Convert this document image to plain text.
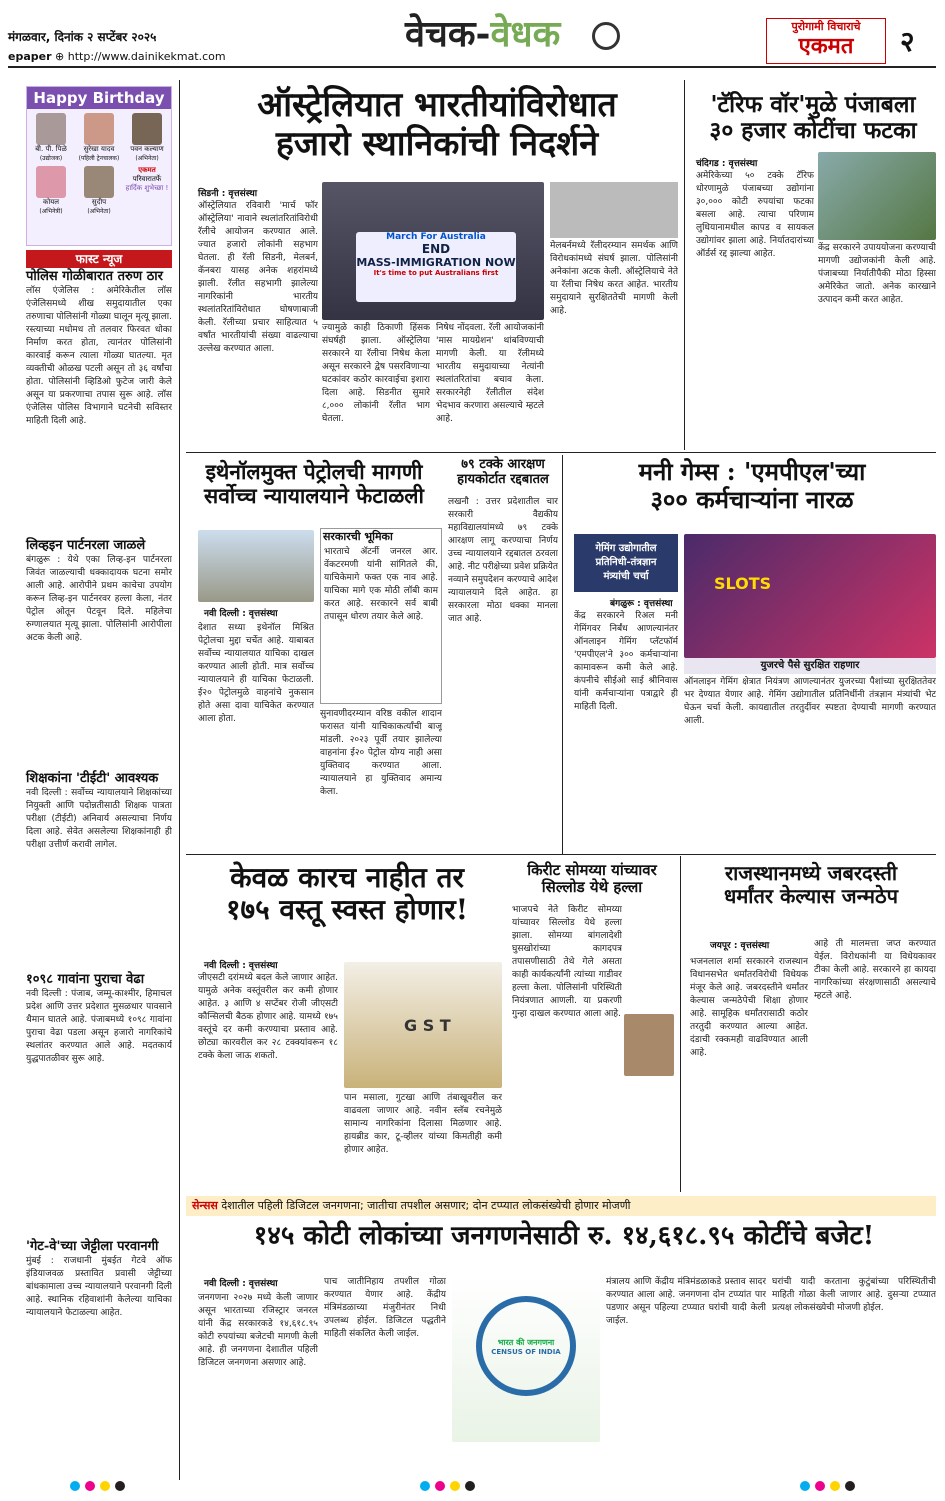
मंगळवार, दिनांक २ सप्टेंबर २०२५
epaper ⊕ http://www.dainikekmat.com
वेचक-वेधक	पुरोगामी विचाराचे
एकमत	२
Happy Birthday
बी. पी. पिळे
(उद्योजक)
सुरेखा यादव
(पहिली ट्रेनचालक)
पवन कल्याण
(अभिनेता)
कोयल
(अभिनेत्री)
सुदीप
(अभिनेता)
एकमत
परिवारातर्फे
हार्दिक शुभेच्छा !
फास्ट न्यूज
पोलिस गोळीबारात तरुण ठार
लॉस एंजेलिस : अमेरिकेतील लॉस एंजेलिसमध्ये शीख समुदायातील एका तरुणाचा पोलिसांनी गोळ्या घालून मृत्यू झाला. रस्त्याच्या मधोमध तो तलवार फिरवत धोका निर्माण करत होता, त्यानंतर पोलिसांनी कारवाई करून त्याला गोळ्या घातल्या. मृत व्यक्तीची ओळख पटली असून तो ३६ वर्षांचा होता. पोलिसांनी व्हिडिओ फुटेज जारी केले असून या प्रकरणाचा तपास सुरू आहे. लॉस एंजेलिस पोलिस विभागाने घटनेची सविस्तर माहिती दिली आहे.
लिव्हइन पार्टनरला जाळले
बंगळुरू : येथे एका लिव्ह-इन पार्टनरला जिवंत जाळल्याची धक्कादायक घटना समोर आली आहे. आरोपीने प्रथम काचेचा उपयोग करून लिव्ह-इन पार्टनरवर हल्ला केला, नंतर पेट्रोल ओतून पेटवून दिले. महिलेचा रुग्णालयात मृत्यू झाला. पोलिसांनी आरोपीला अटक केली आहे.
शिक्षकांना 'टीईटी' आवश्यक
नवी दिल्ली : सर्वोच्च न्यायालयाने शिक्षकांच्या नियुक्ती आणि पदोन्नतीसाठी शिक्षक पात्रता परीक्षा (टीईटी) अनिवार्य असल्याचा निर्णय दिला आहे. सेवेत असलेल्या शिक्षकांनाही ही परीक्षा उत्तीर्ण करावी लागेल.
१०९८ गावांना पुराचा वेढा
नवी दिल्ली : पंजाब, जम्मू-काश्मीर, हिमाचल प्रदेश आणि उत्तर प्रदेशात मुसळधार पावसाने थैमान घातले आहे. पंजाबमध्ये १०९८ गावांना पुराचा वेढा पडला असून हजारो नागरिकांचे स्थलांतर करण्यात आले आहे. मदतकार्य युद्धपातळीवर सुरू आहे.
'गेट-वे'च्या जेट्टीला परवानगी
मुंबई : राजधानी मुंबईत गेटवे ऑफ इंडियाजवळ प्रस्तावित प्रवासी जेट्टीच्या बांधकामाला उच्च न्यायालयाने परवानगी दिली आहे. स्थानिक रहिवाशांनी केलेल्या याचिका न्यायालयाने फेटाळल्या आहेत.
ऑस्ट्रेलियात भारतीयांविरोधात
हजारो स्थानिकांची निदर्शने
सिडनी : वृत्तसंस्था
March For Australia
END
MASS-IMMIGRATION NOW
It's time to put Australians first
ऑस्ट्रेलियात रविवारी 'मार्च फॉर ऑस्ट्रेलिया' नावाने स्थलांतरितांविरोधी रॅलीचे आयोजन करण्यात आले. ज्यात हजारो लोकांनी सहभाग घेतला. ही रॅली सिडनी, मेलबर्न, कॅनबरा यासह अनेक शहरांमध्ये झाली. रॅलीत सहभागी झालेल्या नागरिकांनी भारतीय स्थलांतरितांविरोधात घोषणाबाजी केली. रॅलीच्या प्रचार साहित्यात ५ वर्षांत भारतीयांची संख्या वाढल्याचा उल्लेख करण्यात आला.
ज्यामुळे काही ठिकाणी हिंसक संघर्षही झाला. ऑस्ट्रेलिया सरकारने या रॅलीचा निषेध केला असून सरकारने द्वेष पसरविणाऱ्या घटकांवर कठोर कारवाईचा इशारा दिला आहे. सिडनीत सुमारे ८,००० लोकांनी रॅलीत भाग घेतला.
निषेध नोंदवला. रॅली आयोजकांनी 'मास मायग्रेशन' थांबविण्याची मागणी केली. या रॅलीमध्ये भारतीय समुदायाच्या नेत्यांनी स्थलांतरितांचा बचाव केला. सरकारनेही रॅलीतील संदेश भेदभाव करणारा असल्याचे म्हटले आहे.
मेलबर्नमध्ये रॅलीदरम्यान समर्थक आणि विरोधकांमध्ये संघर्ष झाला. पोलिसांनी अनेकांना अटक केली. ऑस्ट्रेलियाचे नेते या रॅलीचा निषेध करत आहेत. भारतीय समुदायाने सुरक्षिततेची मागणी केली आहे.
'टॅरिफ वॉर'मुळे पंजाबला
३० हजार कोटींचा फटका
चंदिगड : वृत्तसंस्था
अमेरिकेच्या ५० टक्के टॅरिफ धोरणामुळे पंजाबच्या उद्योगांना ३०,००० कोटी रुपयांचा फटका बसला आहे. त्याचा परिणाम लुधियानामधील कापड व सायकल उद्योगांवर झाला आहे. निर्यातदारांच्या ऑर्डर्स रद्द झाल्या आहेत.
केंद्र सरकारने उपाययोजना करण्याची मागणी उद्योजकांनी केली आहे. पंजाबच्या निर्यातीपैकी मोठा हिस्सा अमेरिकेत जातो. अनेक कारखाने उत्पादन कमी करत आहेत.
इथेनॉलमुक्त पेट्रोलची मागणी
सर्वोच्च न्यायालयाने फेटाळली
नवी दिल्ली : वृत्तसंस्था
सरकारची भूमिका
भारताचे ॲटर्नी जनरल आर. वेंकटरमणी यांनी सांगितले की, याचिकेमागे फक्त एक नाव आहे. याचिका मागे एक मोठी लॉबी काम करत आहे. सरकारने सर्व बाबी तपासून धोरण तयार केले आहे.
देशात सध्या इथेनॉल मिश्रित पेट्रोलचा मुद्दा चर्चेत आहे. याबाबत सर्वोच्च न्यायालयात याचिका दाखल करण्यात आली होती. मात्र सर्वोच्च न्यायालयाने ही याचिका फेटाळली. ई२० पेट्रोलमुळे वाहनांचे नुकसान होते असा दावा याचिकेत करण्यात आला होता.	सुनावणीदरम्यान वरिष्ठ वकील शादान फरासत यांनी याचिकाकर्त्यांची बाजू मांडली. २०२३ पूर्वी तयार झालेल्या वाहनांना ई२० पेट्रोल योग्य नाही असा युक्तिवाद करण्यात आला. न्यायालयाने हा युक्तिवाद अमान्य केला.
७९ टक्के आरक्षण
हायकोर्टात रद्दबातल
लखनौ : उत्तर प्रदेशातील चार सरकारी वैद्यकीय महाविद्यालयांमध्ये ७९ टक्के आरक्षण लागू करण्याचा निर्णय उच्च न्यायालयाने रद्दबातल ठरवला आहे. नीट परीक्षेच्या प्रवेश प्रक्रियेत नव्याने समुपदेशन करण्याचे आदेश न्यायालयाने दिले आहेत. हा सरकारला मोठा धक्का मानला जात आहे.
मनी गेम्स : 'एमपीएल'च्या
३०० कर्मचाऱ्यांना नारळ
गेमिंग उद्योगातील
प्रतिनिधी-तंत्रज्ञान
मंत्र्यांची चर्चा
बंगळुरू : वृत्तसंस्था
केंद्र सरकारने रिअल मनी गेमिंगवर निर्बंध आणल्यानंतर ऑनलाइन गेमिंग प्लॅटफॉर्म 'एमपीएल'ने ३०० कर्मचाऱ्यांना कामावरून कमी केले आहे. कंपनीचे सीईओ साई श्रीनिवास यांनी कर्मचाऱ्यांना पत्राद्वारे ही माहिती दिली.
SLOTS
युजरचे पैसे सुरक्षित राहणार
ऑनलाइन गेमिंग क्षेत्रात नियंत्रण आणल्यानंतर युजरच्या पैशांच्या सुरक्षिततेवर भर देण्यात येणार आहे. गेमिंग उद्योगातील प्रतिनिधींनी तंत्रज्ञान मंत्र्यांची भेट घेऊन चर्चा केली. कायद्यातील तरतुदींवर स्पष्टता देण्याची मागणी करण्यात आली.
केवळ कारच नाहीत तर
१७५ वस्तू स्वस्त होणार!
नवी दिल्ली : वृत्तसंस्था
जीएसटी दरांमध्ये बदल केले जाणार आहेत. यामुळे अनेक वस्तूंवरील कर कमी होणार आहेत. ३ आणि ४ सप्टेंबर रोजी जीएसटी कौन्सिलची बैठक होणार आहे. यामध्ये १७५ वस्तूंचे दर कमी करण्याचा प्रस्ताव आहे. छोट्या कारवरील कर २८ टक्क्यांवरून १८ टक्के केला जाऊ शकतो.
G S T
पान मसाला, गुटखा आणि तंबाखूवरील कर वाढवला जाणार आहे. नवीन स्लॅब रचनेमुळे सामान्य नागरिकांना दिलासा मिळणार आहे. हायब्रीड कार, टू-व्हीलर यांच्या किमतीही कमी होणार आहेत.
किरीट सोमय्या यांच्यावर
सिल्लोड येथे हल्ला
भाजपचे नेते किरीट सोमय्या यांच्यावर सिल्लोड येथे हल्ला झाला. सोमय्या बांगलादेशी घुसखोरांच्या कागदपत्र तपासणीसाठी तेथे गेले असता काही कार्यकर्त्यांनी त्यांच्या गाडीवर हल्ला केला. पोलिसांनी परिस्थिती नियंत्रणात आणली. या प्रकरणी गुन्हा दाखल करण्यात आला आहे.
राजस्थानमध्ये जबरदस्ती
धर्मांतर केल्यास जन्मठेप
जयपूर : वृत्तसंस्था
भजनलाल शर्मा सरकारने राजस्थान विधानसभेत धर्मांतरविरोधी विधेयक मंजूर केले आहे. जबरदस्तीने धर्मांतर केल्यास जन्मठेपेची शिक्षा होणार आहे. सामूहिक धर्मांतरासाठी कठोर तरतुदी करण्यात आल्या आहेत. दंडाची रक्कमही वाढविण्यात आली आहे.
आहे ती मालमत्ता जप्त करण्यात येईल. विरोधकांनी या विधेयकावर टीका केली आहे. सरकारने हा कायदा नागरिकांच्या संरक्षणासाठी असल्याचे म्हटले आहे.
सेन्सस देशातील पहिली डिजिटल जनगणना; जातीचा तपशील असणार; दोन टप्प्यात लोकसंख्येची होणार मोजणी
१४५ कोटी लोकांच्या जनगणनेसाठी रु. १४,६१८.९५ कोटींचे बजेट!
नवी दिल्ली : वृत्तसंस्था
जनगणना २०२७ मध्ये केली जाणार असून भारताच्या रजिस्ट्रार जनरल यांनी केंद्र सरकारकडे १४,६१८.९५ कोटी रुपयांच्या बजेटची मागणी केली आहे. ही जनगणना देशातील पहिली डिजिटल जनगणना असणार आहे.
पाच जातीनिहाय तपशील गोळा करण्यात येणार आहे. केंद्रीय मंत्रिमंडळाच्या मंजुरीनंतर निधी उपलब्ध होईल. डिजिटल पद्धतीने माहिती संकलित केली जाईल.
भारत की जनगणना
CENSUS OF INDIA
मंत्रालय आणि केंद्रीय मंत्रिमंडळाकडे प्रस्ताव सादर करण्यात आला आहे. जनगणना दोन टप्प्यांत पार पडणार असून पहिल्या टप्प्यात घरांची यादी केली जाईल.
घरांची यादी करताना कुटुंबांच्या परिस्थितीची माहिती गोळा केली जाणार आहे. दुसऱ्या टप्प्यात प्रत्यक्ष लोकसंख्येची मोजणी होईल.
